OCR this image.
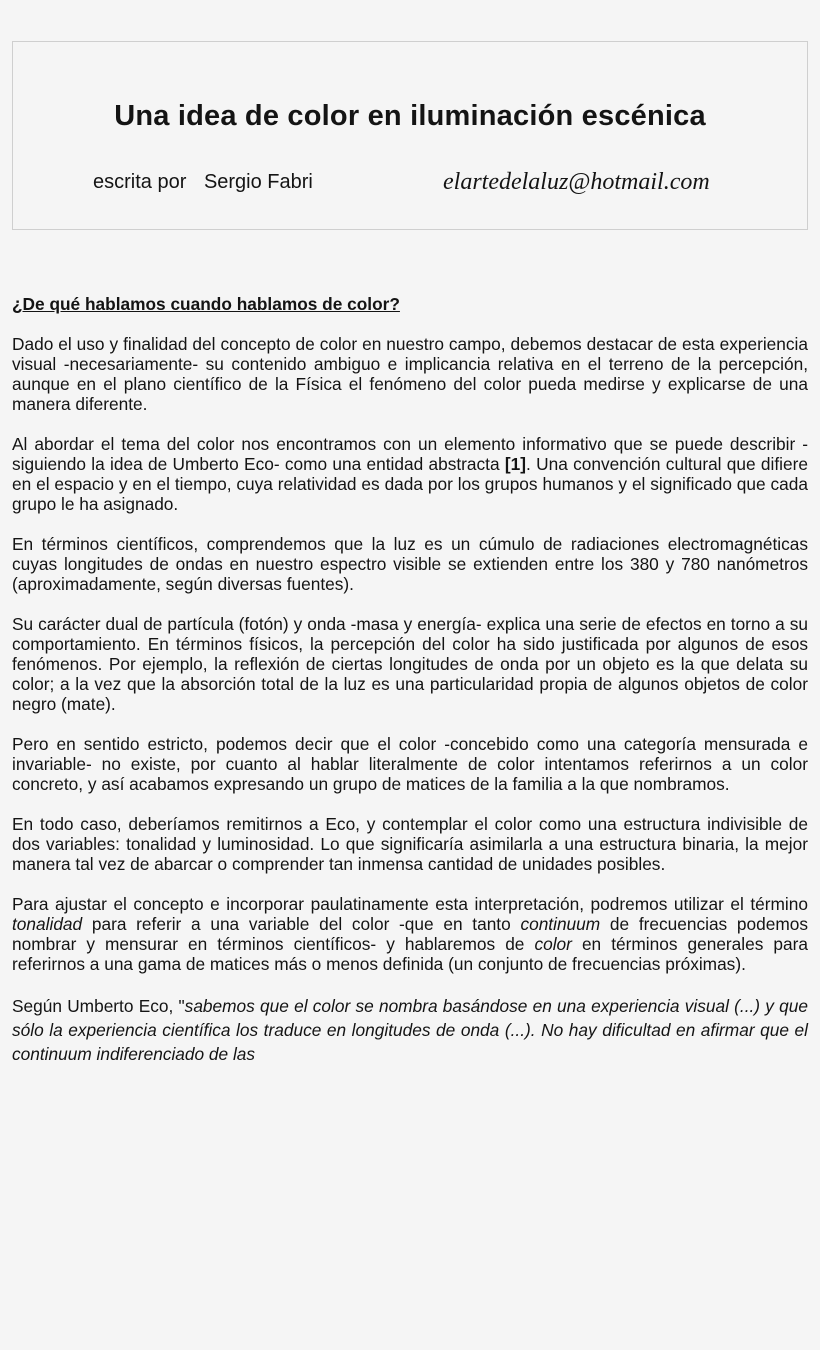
Una idea de color en iluminación escénica
escrita por Sergio Fabri	elartedelaluz@hotmail.com

¿De qué hablamos cuando hablamos de color?

Dado el uso y finalidad del concepto de color en nuestro campo, debemos destacar de esta experiencia visual -necesariamente- su contenido ambiguo e implicancia relativa en el terreno de la percepción, aunque en el plano científico de la Física el fenómeno del color pueda medirse y explicarse de una manera diferente.

Al abordar el tema del color nos encontramos con un elemento informativo que se puede describir -siguiendo la idea de Umberto Eco- como una entidad abstracta [1]. Una convención cultural que difiere en el espacio y en el tiempo, cuya relatividad es dada por los grupos humanos y el significado que cada grupo le ha asignado.

En términos científicos, comprendemos que la luz es un cúmulo de radiaciones electromagnéticas cuyas longitudes de ondas en nuestro espectro visible se extienden entre los 380 y 780 nanómetros (aproximadamente, según diversas fuentes).

Su carácter dual de partícula (fotón) y onda -masa y energía- explica una serie de efectos en torno a su comportamiento. En términos físicos, la percepción del color ha sido justificada por algunos de esos fenómenos. Por ejemplo, la reflexión de ciertas longitudes de onda por un objeto es la que delata su color; a la vez que la absorción total de la luz es una particularidad propia de algunos objetos de color negro (mate).

Pero en sentido estricto, podemos decir que el color -concebido como una categoría mensurada e invariable- no existe, por cuanto al hablar literalmente de color intentamos referirnos a un color concreto, y así acabamos expresando un grupo de matices de la familia a la que nombramos.

En todo caso, deberíamos remitirnos a Eco, y contemplar el color como una estructura indivisible de dos variables: tonalidad y luminosidad. Lo que significaría asimilarla a una estructura binaria, la mejor manera tal vez de abarcar o comprender tan inmensa cantidad de unidades posibles.

Para ajustar el concepto e incorporar paulatinamente esta interpretación, podremos utilizar el término tonalidad para referir a una variable del color -que en tanto continuum de frecuencias podemos nombrar y mensurar en términos científicos- y hablaremos de color en términos generales para referirnos a una gama de matices más o menos definida (un conjunto de frecuencias próximas).

Según Umberto Eco, "sabemos que el color se nombra basándose en una experiencia visual (...) y que sólo la experiencia científica los traduce en longitudes de onda (...). No hay dificultad en afirmar que el continuum indiferenciado de las
